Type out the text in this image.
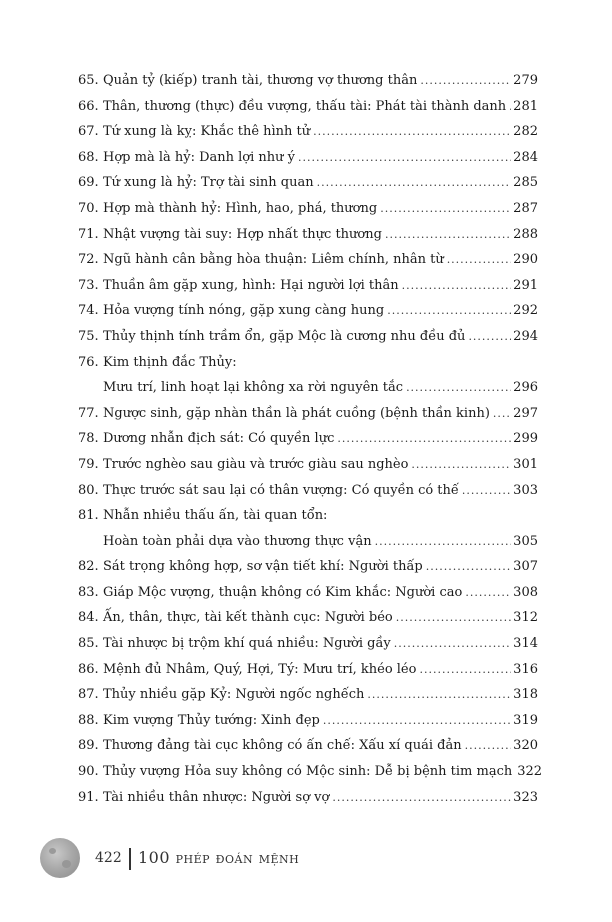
65. Quản tỷ (kiếp) tranh tài, thương vợ thương thân .....	279
66. Thân, thương (thực) đều vượng, thấu tài: Phát tài thành danh ..... 281
67. Tứ xung là kỵ: Khắc thê hình tử .....	282
68. Hợp mà là hỷ: Danh lợi như ý .....	284
69. Tứ xung là hỷ: Trợ tài sinh quan .....	285
70. Hợp mà thành hỷ: Hình, hao, phá, thương .....	287
71. Nhật vượng tài suy: Hợp nhất thực thương .....	288
72. Ngũ hành cân bằng hòa thuận: Liêm chính, nhân từ .....	290
73. Thuần âm gặp xung, hình: Hại người lợi thân .....	291
74. Hỏa vượng tính nóng, gặp xung càng hung .....	292
75. Thủy thịnh tính trầm ổn, gặp Mộc là cương nhu đều đủ .....	294
76. Kim thịnh đắc Thủy:
Mưu trí, linh hoạt lại không xa rời nguyên tắc .....	296
77. Ngược sinh, gặp nhàn thần là phát cuồng (bệnh thần kinh) ..... 297
78. Dương nhẫn địch sát: Có quyền lực .....	299
79. Trước nghèo sau giàu và trước giàu sau nghèo .....	301
80. Thực trước sát sau lại có thân vượng: Có quyền có thế .....	303
81. Nhẫn nhiều thấu ấn, tài quan tổn:
Hoàn toàn phải dựa vào thương thực vận .....	305
82. Sát trọng không hợp, sơ vận tiết khí: Người thấp .....	307
83. Giáp Mộc vượng, thuận không có Kim khắc: Người cao .....	308
84. Ấn, thân, thực, tài kết thành cục: Người béo .....	312
85. Tài nhược bị trộm khí quá nhiều: Người gầy .....	314
86. Mệnh đủ Nhâm, Quý, Hợi, Tý: Mưu trí, khéo léo .....	316
87. Thủy nhiều gặp Kỷ: Người ngốc nghếch .....	318
88. Kim vượng Thủy tướng: Xinh đẹp .....	319
89. Thương đảng tài cục không có ấn chế: Xấu xí quái đản .....	320
90. Thủy vượng Hỏa suy không có Mộc sinh: Dễ bị bệnh tim mạch 322
91. Tài nhiều thân nhược: Người sợ vợ .....	323
422 100 phép đoán mệnh
